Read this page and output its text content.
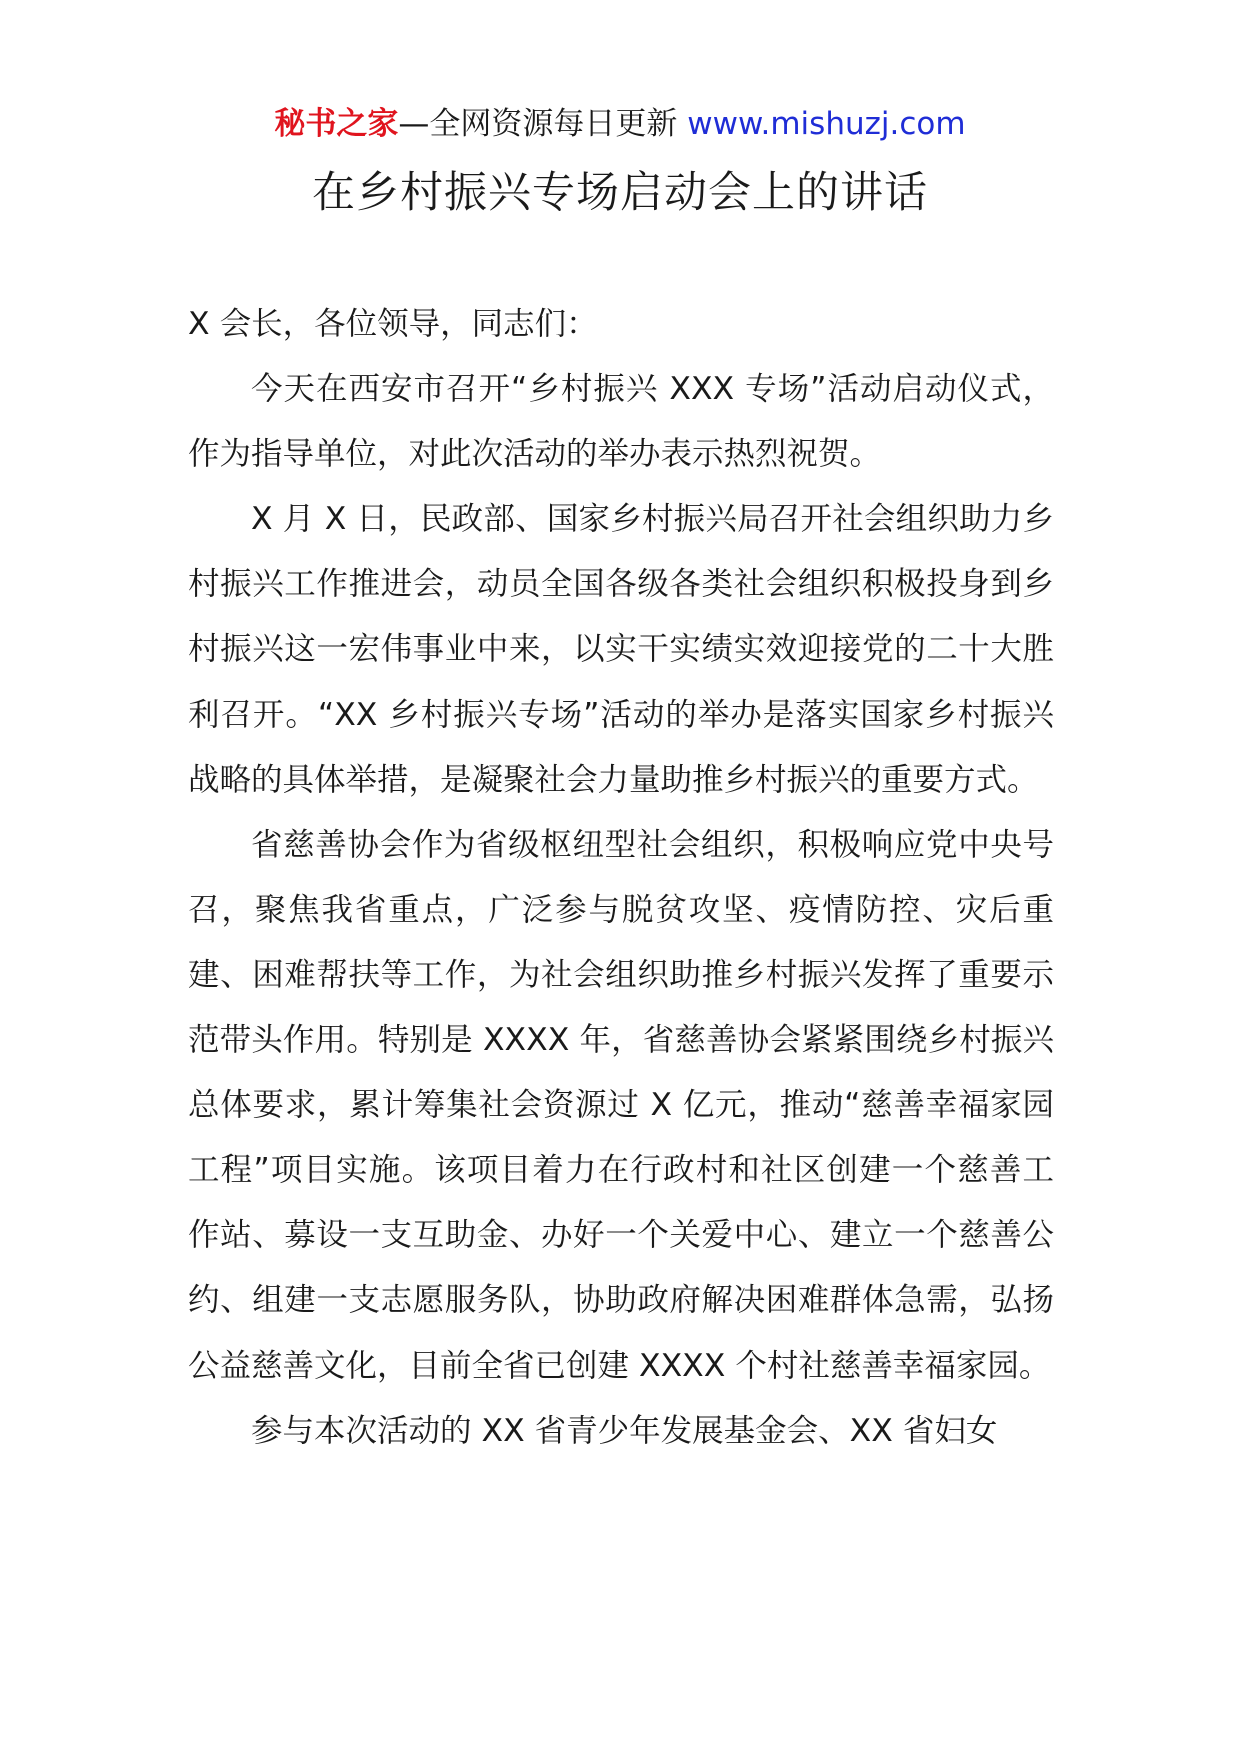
秘书之家—全网资源每日更新 www.mishuzj.com
在乡村振兴专场启动会上的讲话

X 会长，各位领导，同志们：

今天在西安市召开“乡村振兴 XXX 专场”活动启动仪式，作为指导单位，对此次活动的举办表示热烈祝贺。

X 月 X 日，民政部、国家乡村振兴局召开社会组织助力乡村振兴工作推进会，动员全国各级各类社会组织积极投身到乡村振兴这一宏伟事业中来，以实干实绩实效迎接党的二十大胜利召开。“XX 乡村振兴专场”活动的举办是落实国家乡村振兴战略的具体举措，是凝聚社会力量助推乡村振兴的重要方式。

省慈善协会作为省级枢纽型社会组织，积极响应党中央号召，聚焦我省重点，广泛参与脱贫攻坚、疫情防控、灾后重建、困难帮扶等工作，为社会组织助推乡村振兴发挥了重要示范带头作用。特别是 XXXX 年，省慈善协会紧紧围绕乡村振兴总体要求，累计筹集社会资源过 X 亿元，推动“慈善幸福家园工程”项目实施。该项目着力在行政村和社区创建一个慈善工作站、募设一支互助金、办好一个关爱中心、建立一个慈善公约、组建一支志愿服务队，协助政府解决困难群体急需，弘扬公益慈善文化，目前全省已创建 XXXX 个村社慈善幸福家园。

参与本次活动的 XX 省青少年发展基金会、XX 省妇女
